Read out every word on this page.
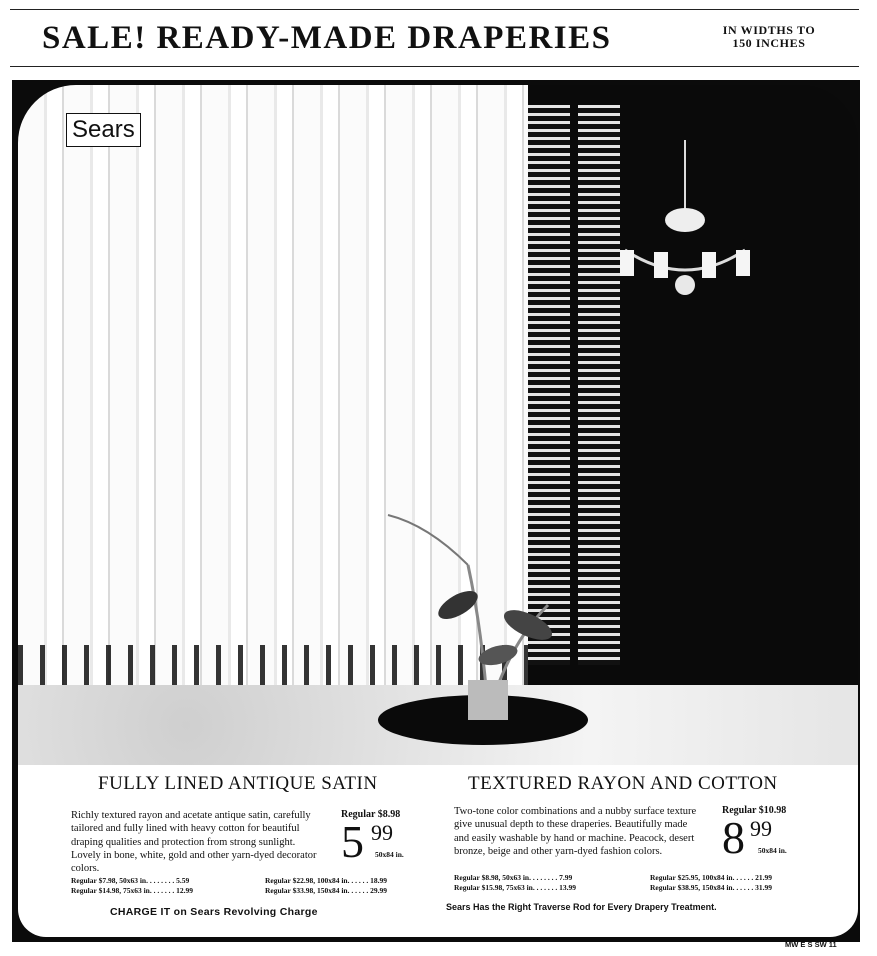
SALE! READY-MADE DRAPERIES	IN WIDTHS TO
150 INCHES
Sears
FULLY LINED ANTIQUE SATIN
Richly textured rayon and acetate antique satin, carefully tailored and fully lined with heavy cotton for beautiful draping qualities and protection from strong sunlight. Lovely in bone, white, gold and other yarn-dyed decorator colors.
Regular $8.98
5 99
50x84 in.
Regular $7.98, 50x63 in. . . . . . . . 5.59
Regular $14.98, 75x63 in. . . . . . . 12.99
Regular $22.98, 100x84 in. . . . . . 18.99
Regular $33.98, 150x84 in. . . . . . 29.99
TEXTURED RAYON AND COTTON
Two-tone color combinations and a nubby surface texture give unusual depth to these draperies. Beautifully made and easily washable by hand or machine. Peacock, desert bronze, beige and other yarn-dyed fashion colors.
Regular $10.98
8 99
50x84 in.
Regular $8.98, 50x63 in. . . . . . . . 7.99
Regular $15.98, 75x63 in. . . . . . . 13.99
Regular $25.95, 100x84 in. . . . . . 21.99
Regular $38.95, 150x84 in. . . . . . 31.99
CHARGE IT on Sears Revolving Charge	Sears Has the Right Traverse Rod for Every Drapery Treatment.
MW E S SW 11
